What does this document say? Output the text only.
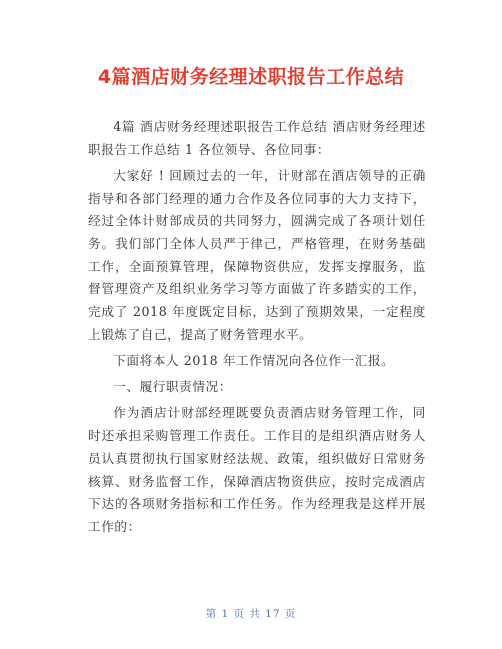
4篇酒店财务经理述职报告工作总结

4篇 酒店财务经理述职报告工作总结 酒店财务经理述职报告工作总结 1 各位领导、各位同事：

大家好 ! 回顾过去的一年，计财部在酒店领导的正确指导和各部门经理的通力合作及各位同事的大力支持下，经过全体计财部成员的共同努力，圆满完成了各项计划任务。我们部门全体人员严于律己，严格管理，在财务基础工作，全面预算管理，保障物资供应，发挥支撑服务，监督管理资产及组织业务学习等方面做了许多踏实的工作，完成了 2018 年度既定目标，达到了预期效果，一定程度上锻炼了自己，提高了财务管理水平。

下面将本人 2018 年工作情况向各位作一汇报。

一、履行职责情况：

作为酒店计财部经理既要负责酒店财务管理工作，同时还承担采购管理工作责任。工作目的是组织酒店财务人员认真贯彻执行国家财经法规、政策，组织做好日常财务核算、财务监督工作，保障酒店物资供应，按时完成酒店下达的各项财务指标和工作任务。作为经理我是这样开展工作的：

第 1 页 共 17 页
